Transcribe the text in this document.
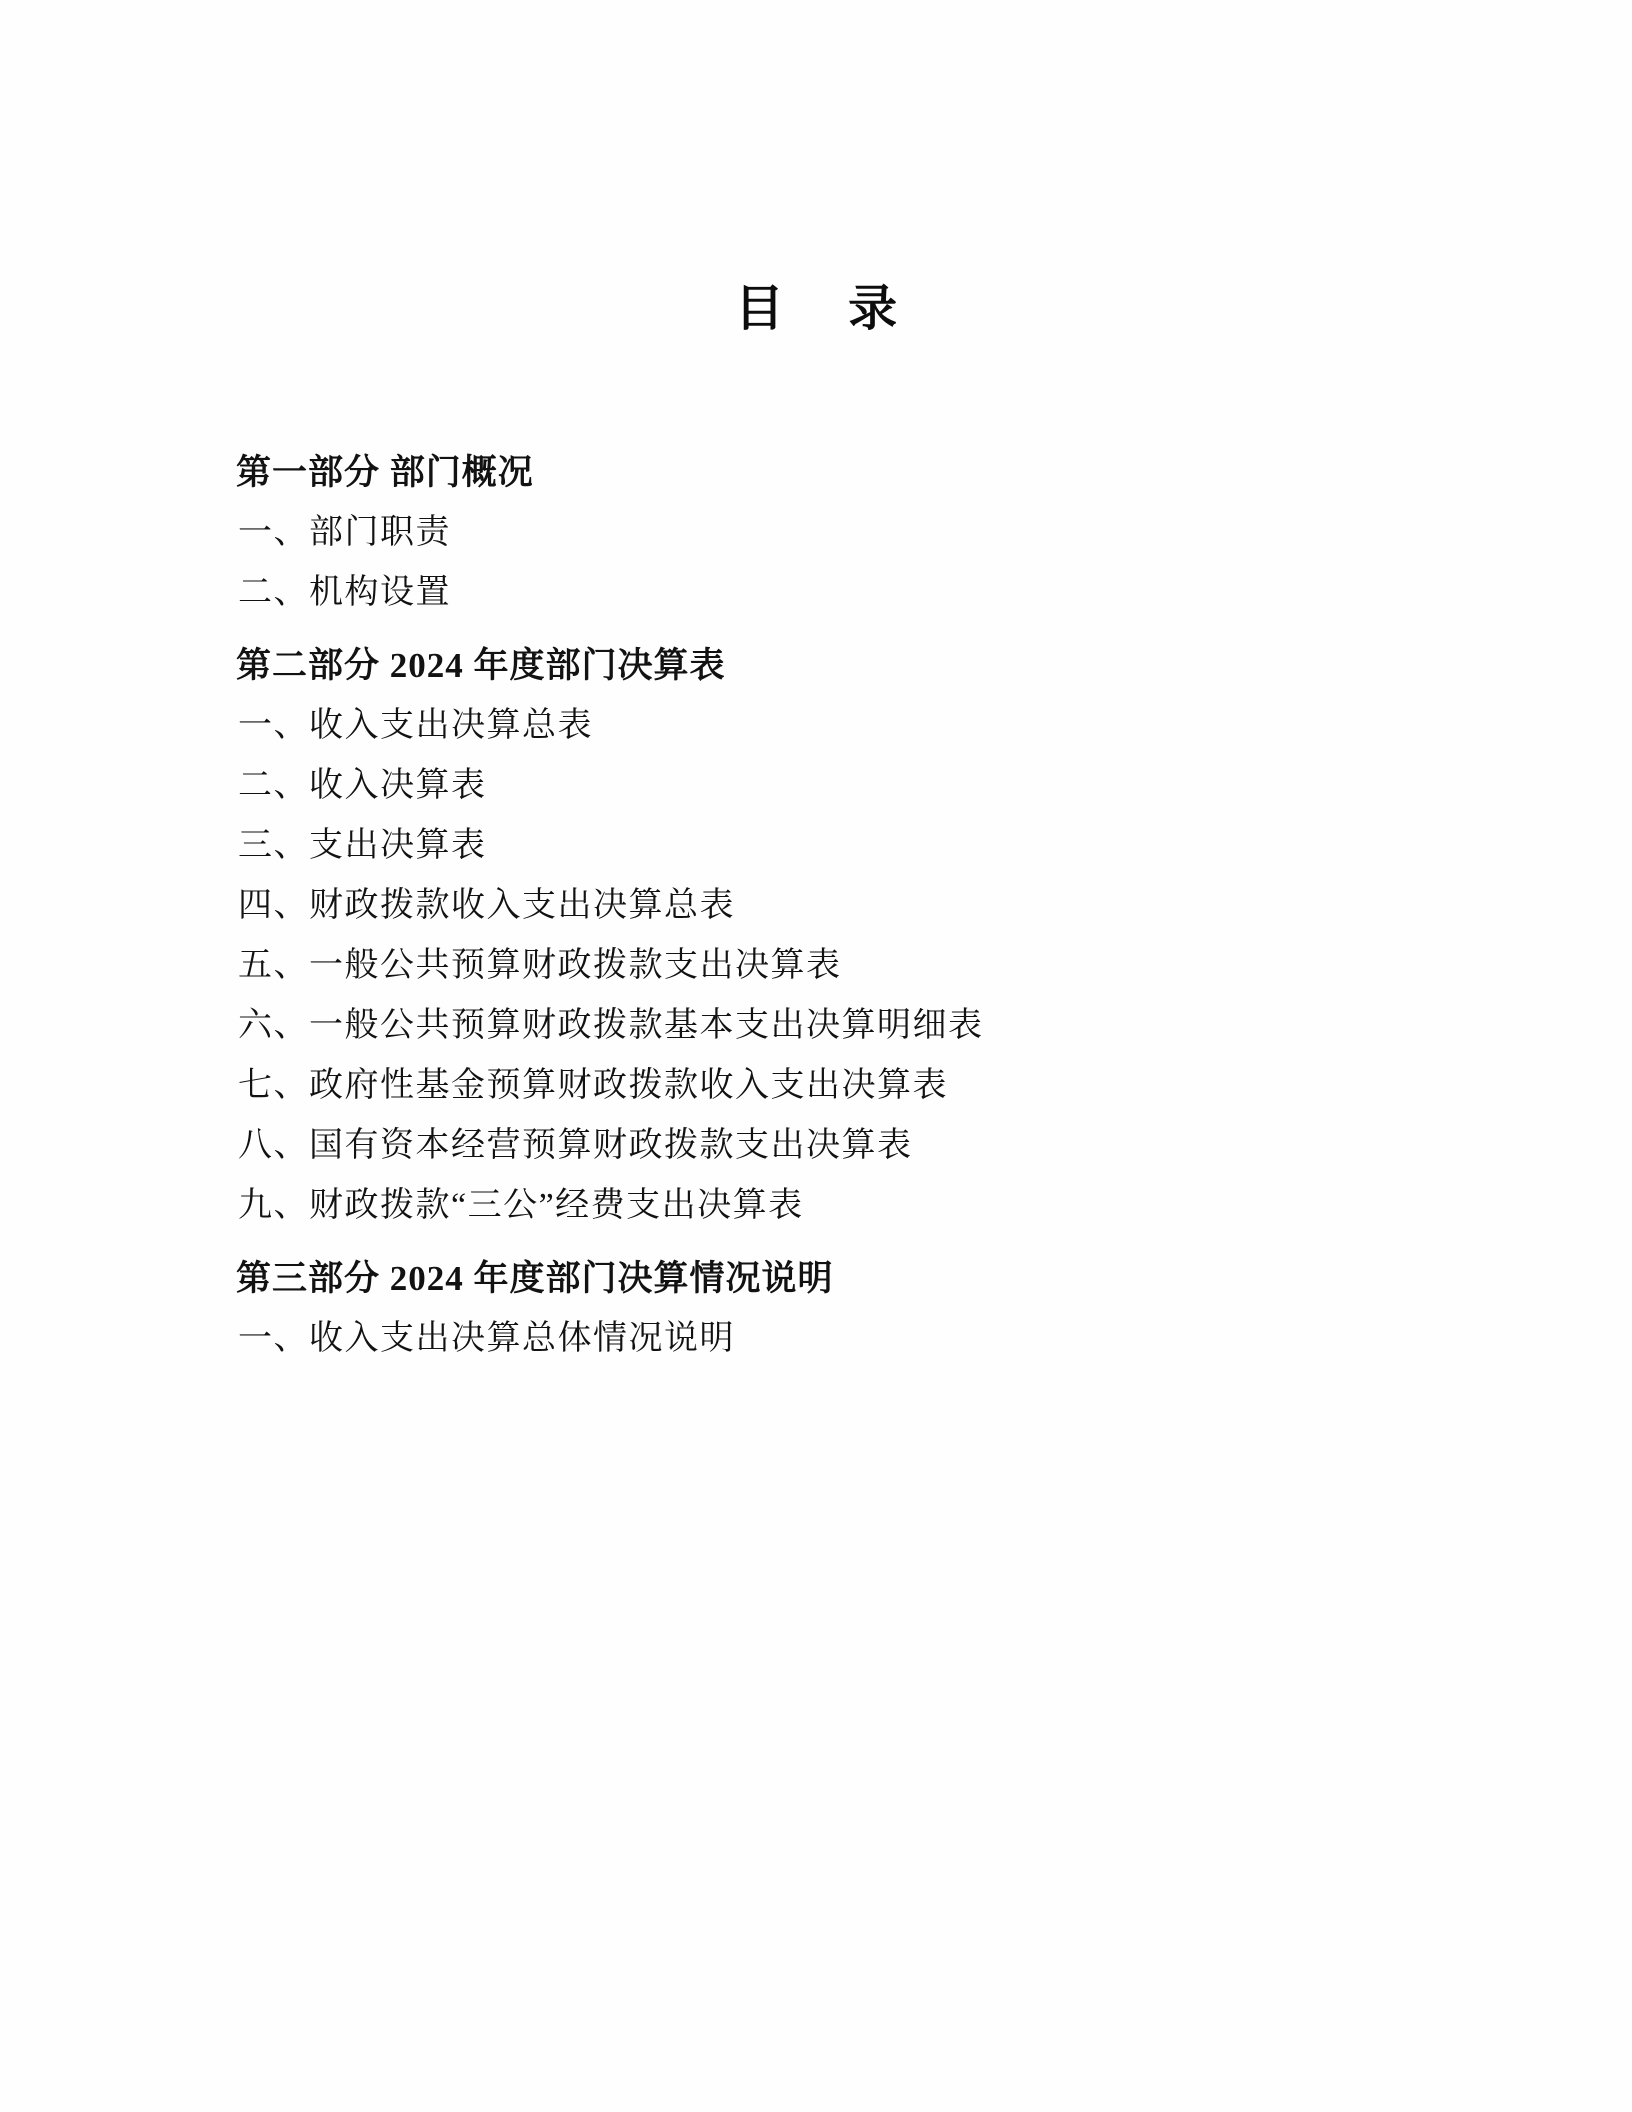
目 录
第一部分 部门概况
一、部门职责
二、机构设置
第二部分 2024 年度部门决算表
一、收入支出决算总表
二、收入决算表
三、支出决算表
四、财政拨款收入支出决算总表
五、一般公共预算财政拨款支出决算表
六、一般公共预算财政拨款基本支出决算明细表
七、政府性基金预算财政拨款收入支出决算表
八、国有资本经营预算财政拨款支出决算表
九、财政拨款“三公”经费支出决算表
第三部分 2024 年度部门决算情况说明
一、收入支出决算总体情况说明
